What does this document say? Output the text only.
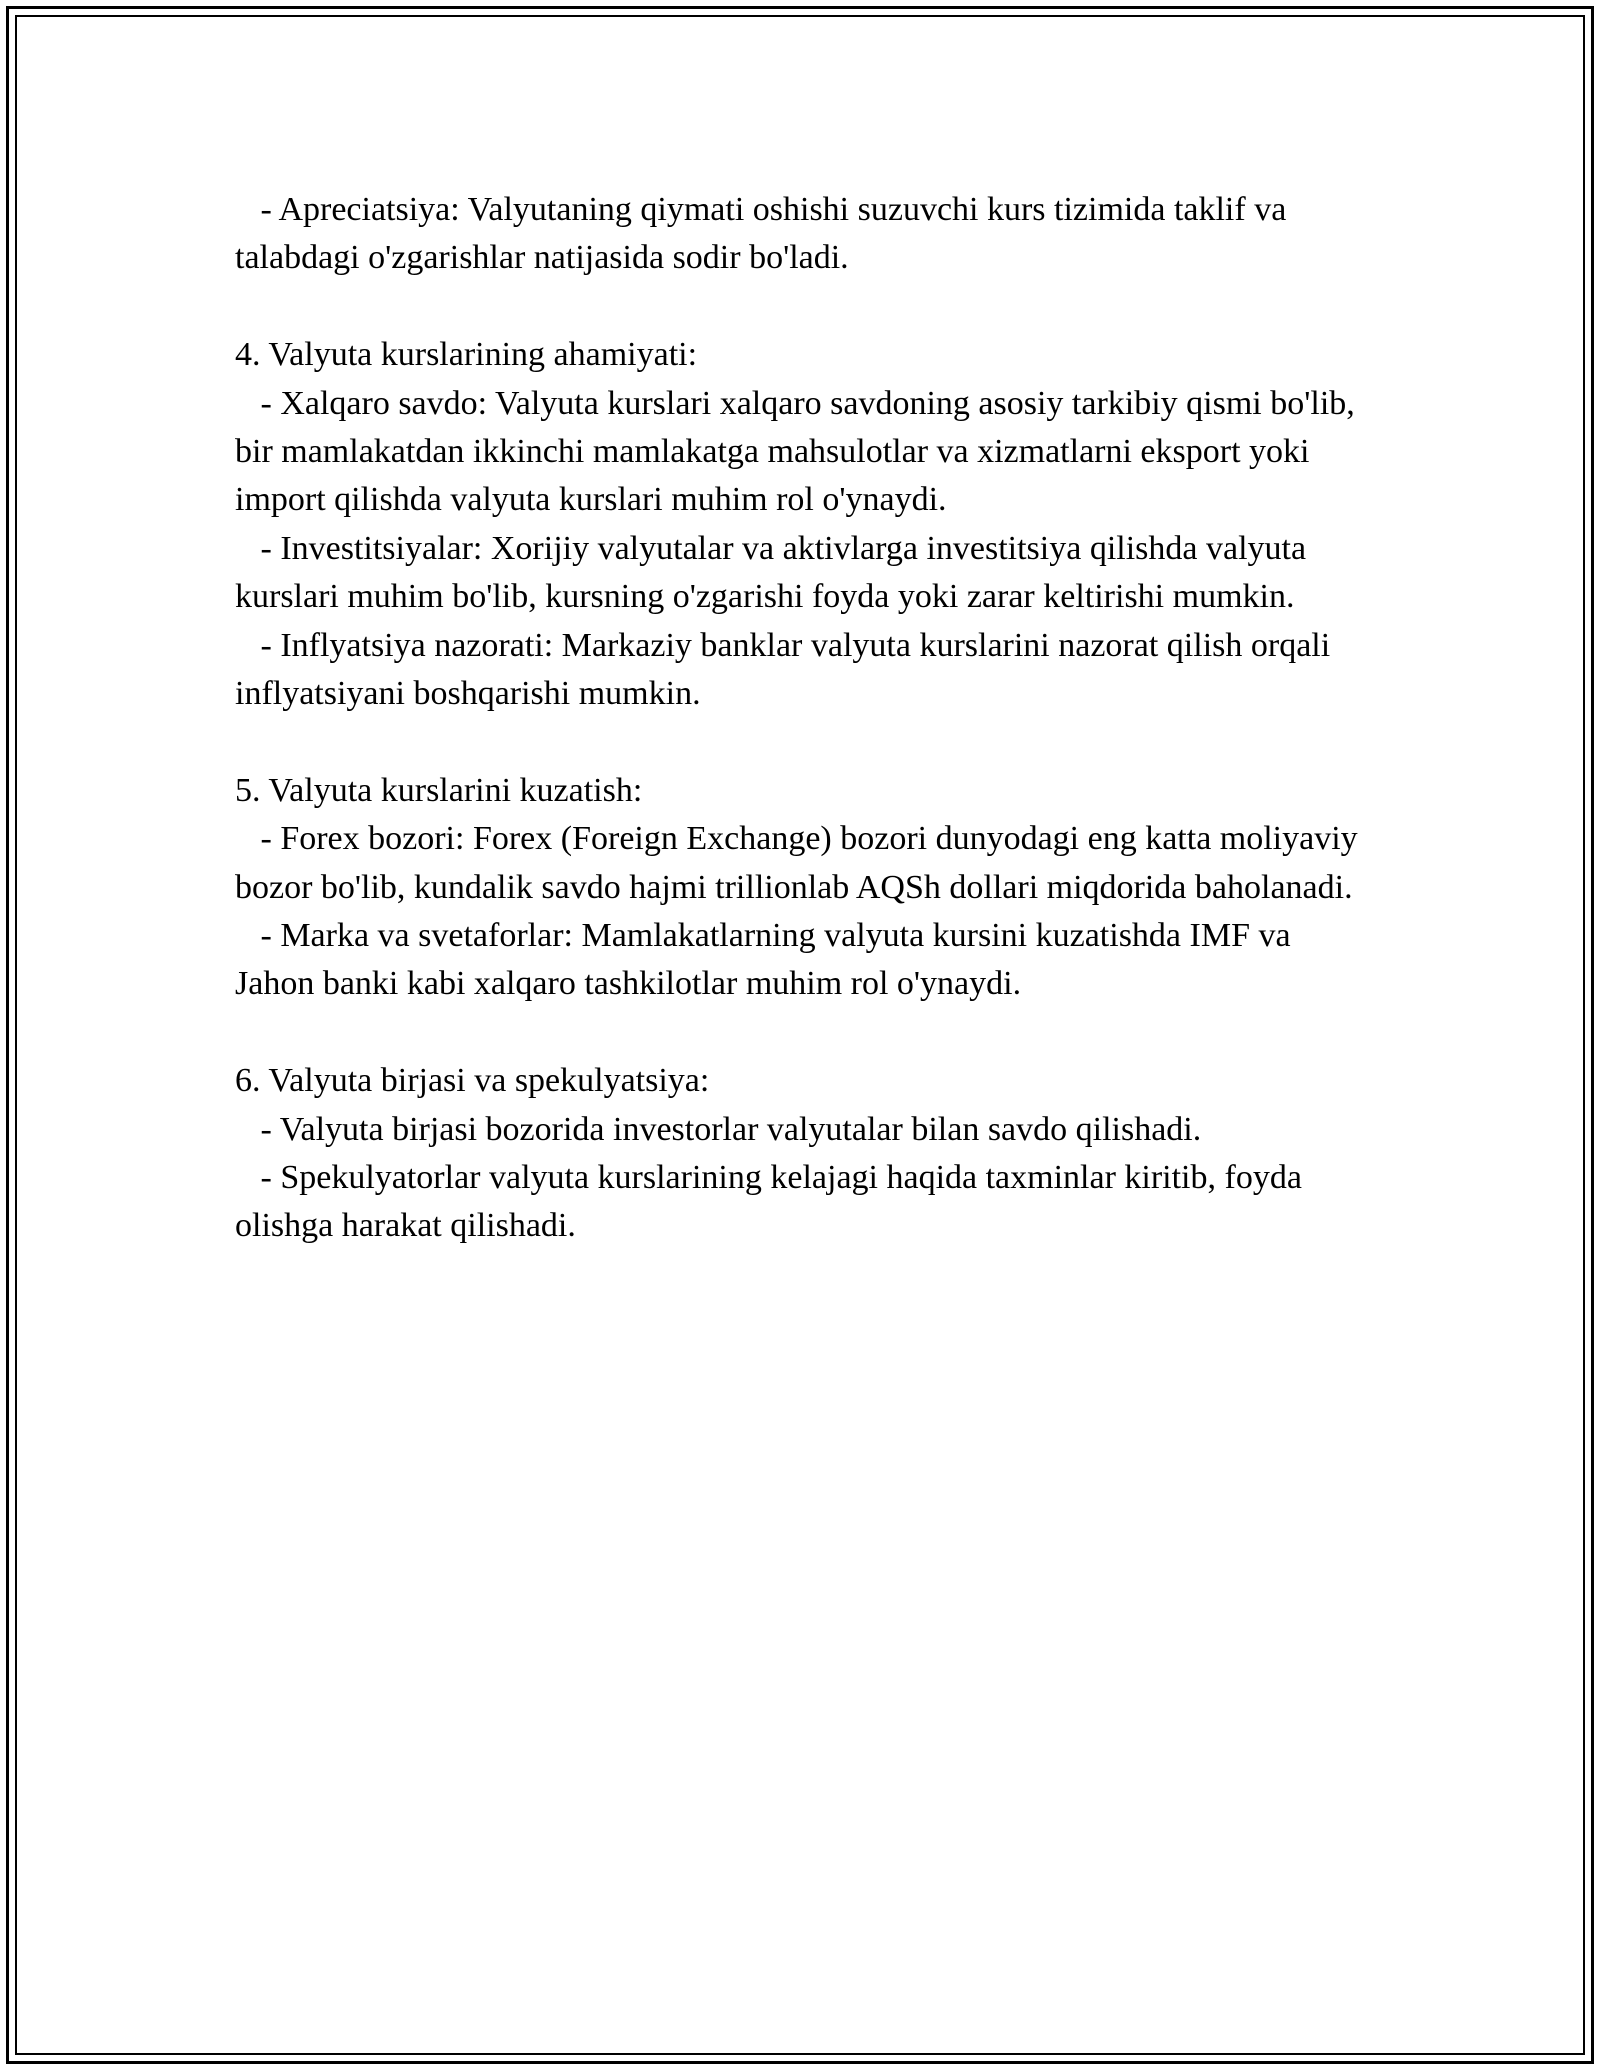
- Apreciatsiya: Valyutaning qiymati oshishi suzuvchi kurs tizimida taklif va talabdagi o'zgarishlar natijasida sodir bo'ladi.

4. Valyuta kurslarining ahamiyati:

- Xalqaro savdo: Valyuta kurslari xalqaro savdoning asosiy tarkibiy qismi bo'lib, bir mamlakatdan ikkinchi mamlakatga mahsulotlar va xizmatlarni eksport yoki import qilishda valyuta kurslari muhim rol o'ynaydi.

- Investitsiyalar: Xorijiy valyutalar va aktivlarga investitsiya qilishda valyuta kurslari muhim bo'lib, kursning o'zgarishi foyda yoki zarar keltirishi mumkin.

- Inflyatsiya nazorati: Markaziy banklar valyuta kurslarini nazorat qilish orqali inflyatsiyani boshqarishi mumkin.

5. Valyuta kurslarini kuzatish:

- Forex bozori: Forex (Foreign Exchange) bozori dunyodagi eng katta moliyaviy bozor bo'lib, kundalik savdo hajmi trillionlab AQSh dollari miqdorida baholanadi.

- Marka va svetaforlar: Mamlakatlarning valyuta kursini kuzatishda IMF va Jahon banki kabi xalqaro tashkilotlar muhim rol o'ynaydi.

6. Valyuta birjasi va spekulyatsiya:

- Valyuta birjasi bozorida investorlar valyutalar bilan savdo qilishadi.

- Spekulyatorlar valyuta kurslarining kelajagi haqida taxminlar kiritib, foyda olishga harakat qilishadi.
